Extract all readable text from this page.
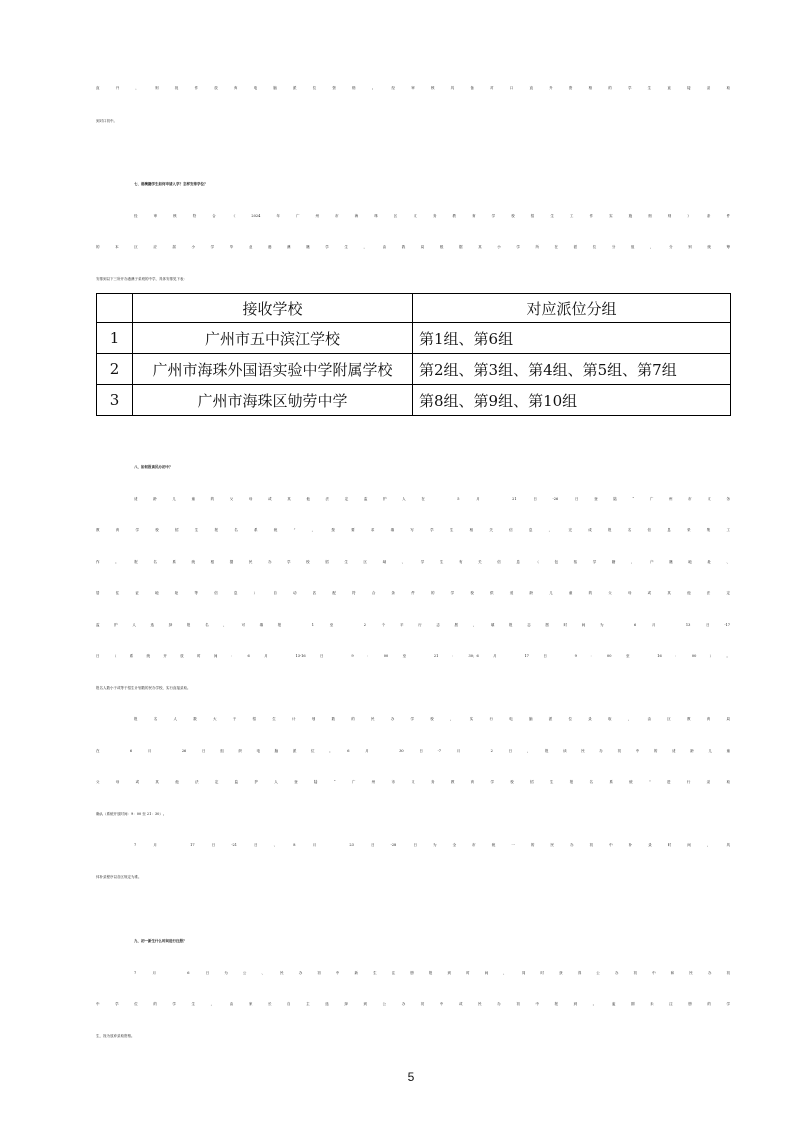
直升，则视作放弃电脑派位资格。经审核具备对口直升资格的学生直接录取
到对口初中。
七、港澳籍学生如何申请入学？怎样安排学位？
经审核符合《2024年广州市海珠区义务教育学校招生工作实施细则》条件
的本区应届小学毕业港澳籍学生，由我局根据其小学所在派位分组，分别统筹
安排到以下三所开办港澳子弟班的中学，具体安排见下表：
	接收学校	对应派位分组
1	广州市五中滨江学校	第1组、第6组
2	广州市海珠外国语实验中学附属学校	第2组、第3组、第4组、第5组、第7组
3	广州市海珠区劬劳中学	第8组、第9组、第10组
八、如何报读民办初中？
适龄儿童的父母或其他法定监护人在 5 月 21 日-26 日登陆“广州市义务
教育学校招生报名系统”，按要求填写学生相关信息，完成报名信息采集工
作。报名系统根据民办学校招生区域、学生有关信息（包括学籍、户籍地址、
居住证地址等信息）自动匹配符合条件的学校供适龄儿童的父母或其他法定
监护人选择报名，可填报 1 至 2 个平行志愿，填报志愿时间为 6 月 13 日-17
日（系统开放时间：6 月 13-16 日 9：00 至 21：30；6 月 17 日 9：00 至 16：00）。
报名人数小于或等于招生计划数的民办学校，实行直接录取。
报名人数大于招生计划数的民办学校，实行电脑派位录取，由区教育局
在 6 月 26 日组织电脑派位。6 月 30 日-7 月 2 日，报读民办初中的适龄儿童
父母或其他法定监护人登陆“广州市义务教育学校招生报名系统”进行录取
确认（系统开放时间：9：00 至 21：30）。
7 月 17 日-21 日、8 月 23 日-28 日为全市统一的民办初中补录时间，具
体补录程序以各区规定为准。
九、初一新生什么时间进行注册？
7 月 6 日为公、民办初中新生注册报到时间，同时获得公办初中和民办初
中学位的学生，由家长自主选择到公办初中或民办初中报到。逾期未注册的学
生，视为放弃录取资格。
5
